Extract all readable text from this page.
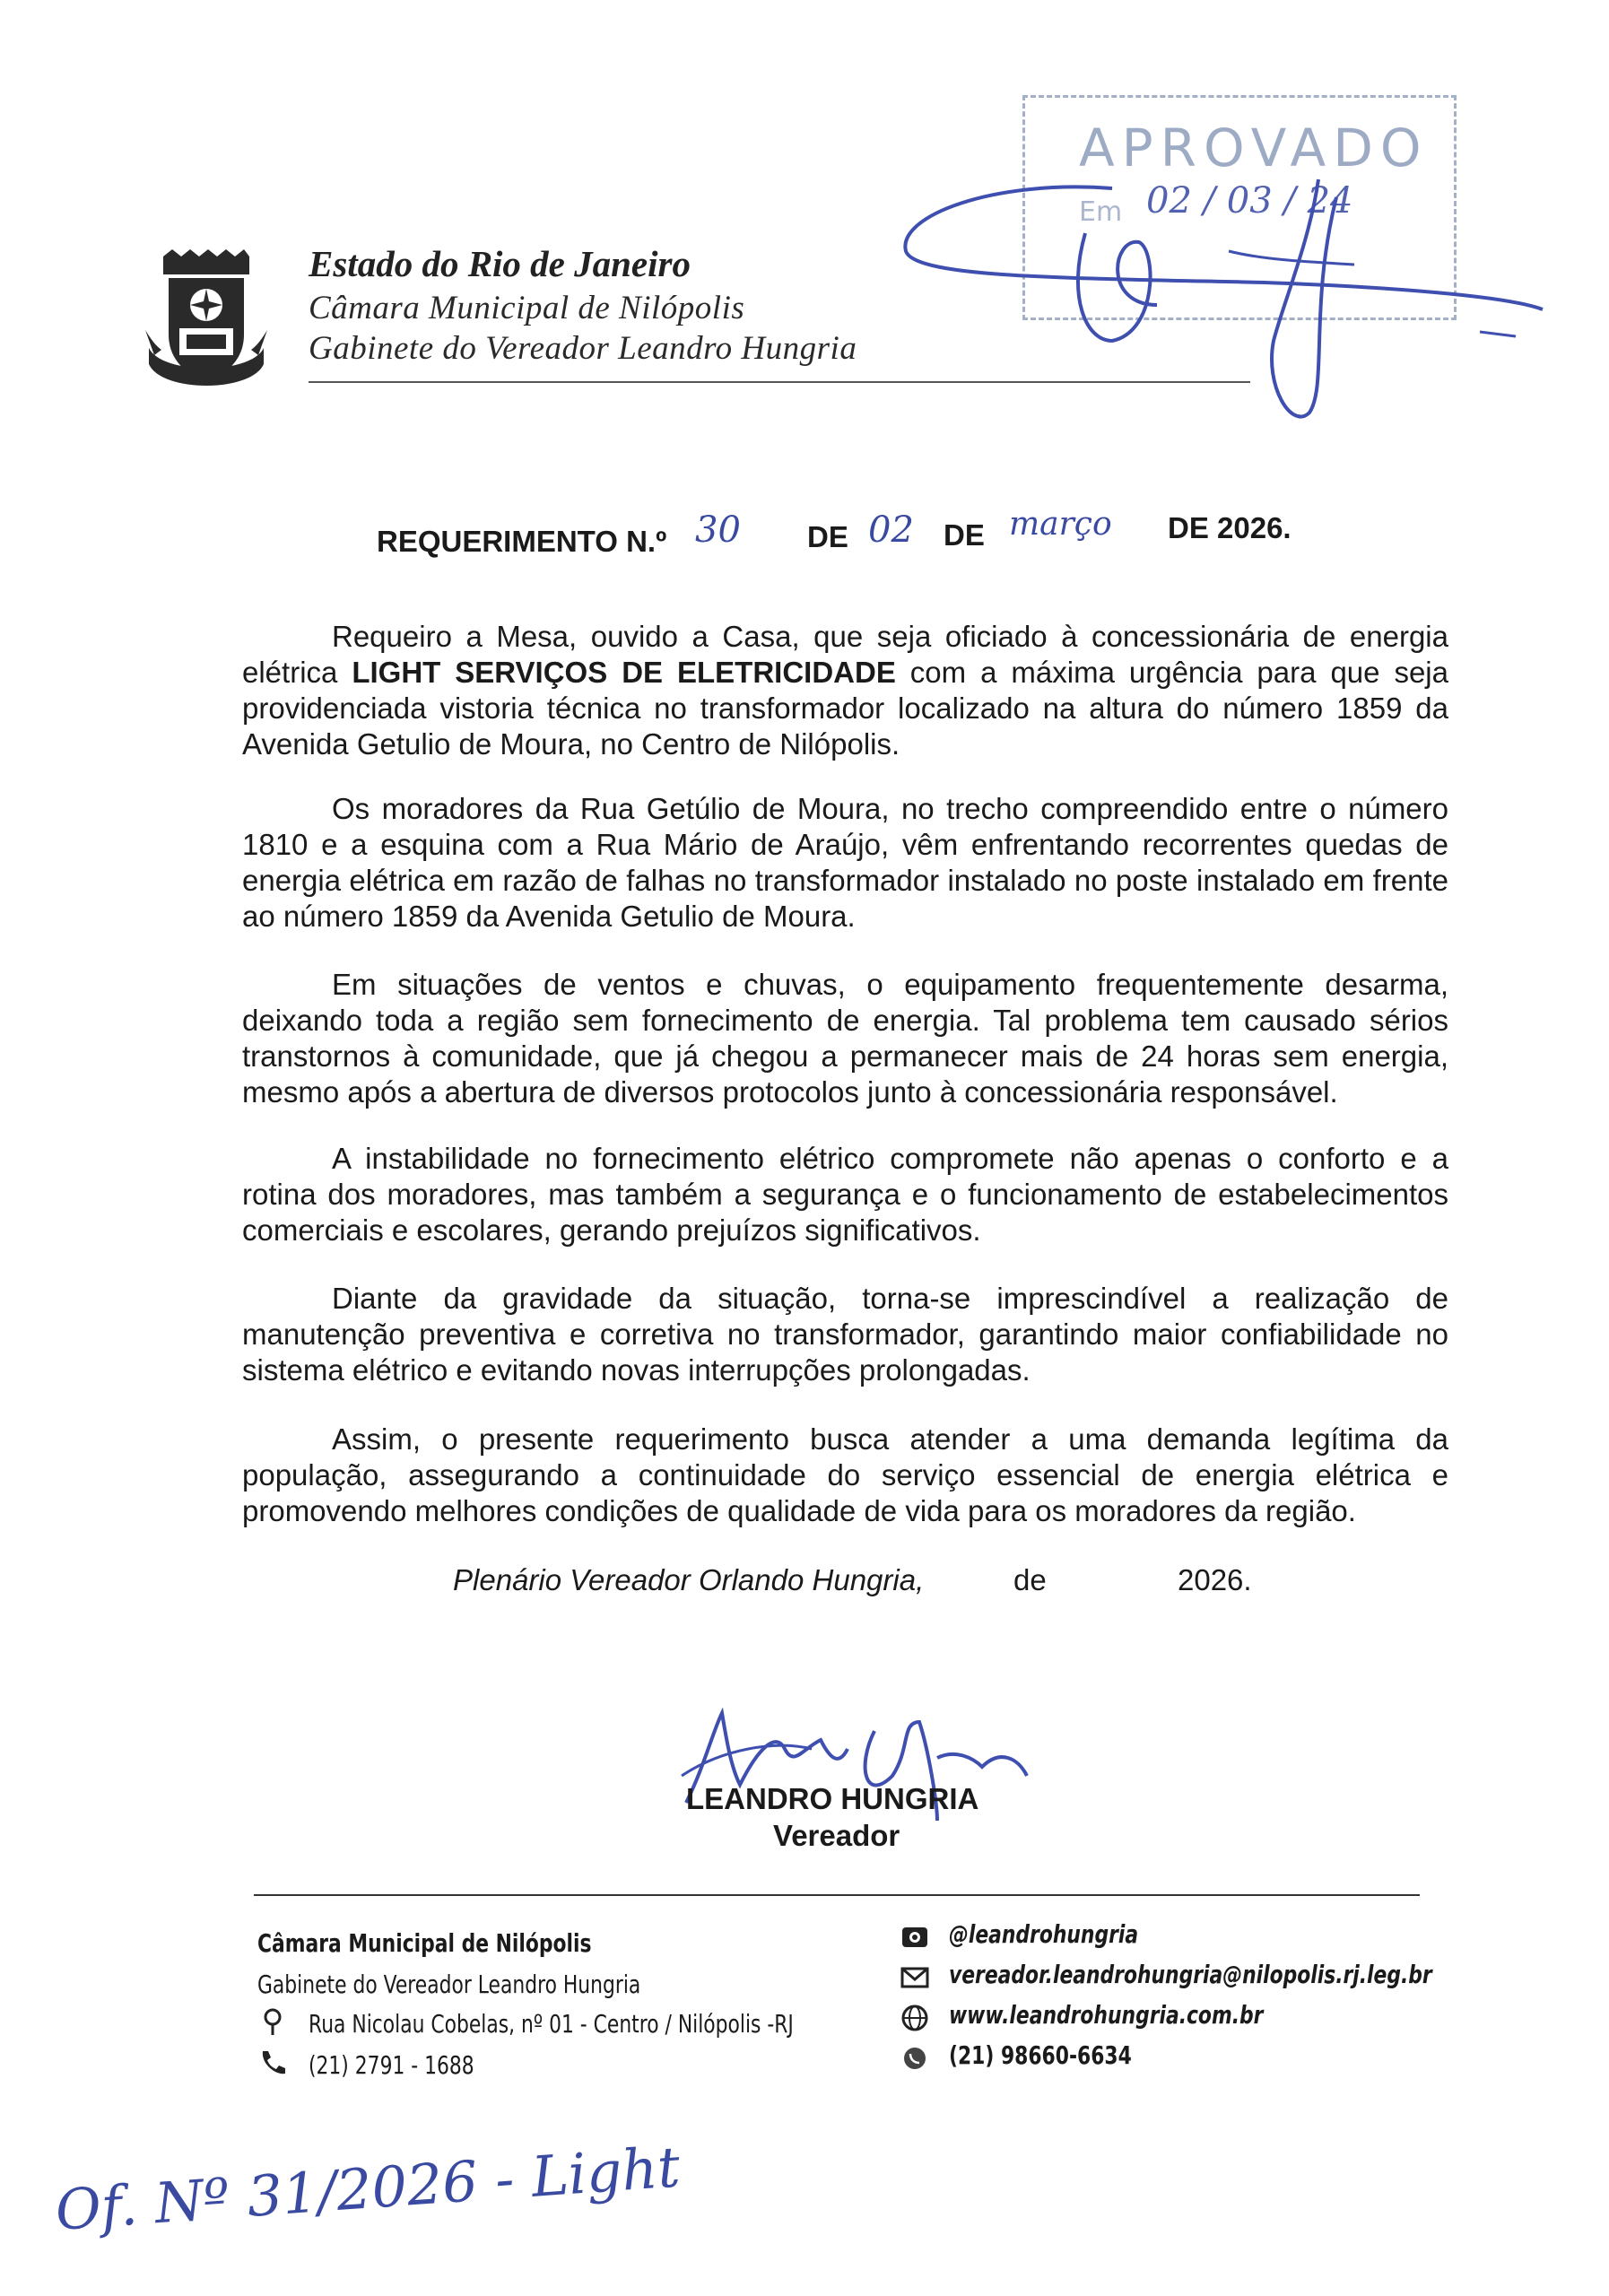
APROVADO
Em 02 / 03 / 24
Estado do Rio de Janeiro
Câmara Municipal de Nilópolis
Gabinete do Vereador Leandro Hungria
REQUERIMENTO N.º 30 DE 02 DE março DE 2026.

Requeiro a Mesa, ouvido a Casa, que seja oficiado à concessionária de energia elétrica LIGHT SERVIÇOS DE ELETRICIDADE com a máxima urgência para que seja providenciada vistoria técnica no transformador localizado na altura do número 1859 da Avenida Getulio de Moura, no Centro de Nilópolis.

Os moradores da Rua Getúlio de Moura, no trecho compreendido entre o número 1810 e a esquina com a Rua Mário de Araújo, vêm enfrentando recorrentes quedas de energia elétrica em razão de falhas no transformador instalado no poste instalado em frente ao número 1859 da Avenida Getulio de Moura.

Em situações de ventos e chuvas, o equipamento frequentemente desarma, deixando toda a região sem fornecimento de energia. Tal problema tem causado sérios transtornos à comunidade, que já chegou a permanecer mais de 24 horas sem energia, mesmo após a abertura de diversos protocolos junto à concessionária responsável.

A instabilidade no fornecimento elétrico compromete não apenas o conforto e a rotina dos moradores, mas também a segurança e o funcionamento de estabelecimentos comerciais e escolares, gerando prejuízos significativos.

Diante da gravidade da situação, torna-se imprescindível a realização de manutenção preventiva e corretiva no transformador, garantindo maior confiabilidade no sistema elétrico e evitando novas interrupções prolongadas.

Assim, o presente requerimento busca atender a uma demanda legítima da população, assegurando a continuidade do serviço essencial de energia elétrica e promovendo melhores condições de qualidade de vida para os moradores da região.

Plenário Vereador Orlando Hungria,	de	2026.
LEANDRO HUNGRIA
Vereador
Câmara Municipal de Nilópolis
Gabinete do Vereador Leandro Hungria
Rua Nicolau Cobelas, nº 01 - Centro / Nilópolis -RJ
(21) 2791 - 1688
@leandrohungria
vereador.leandrohungria@nilopolis.rj.leg.br
www.leandrohungria.com.br
(21) 98660-6634
Of. Nº 31/2026 - Light
